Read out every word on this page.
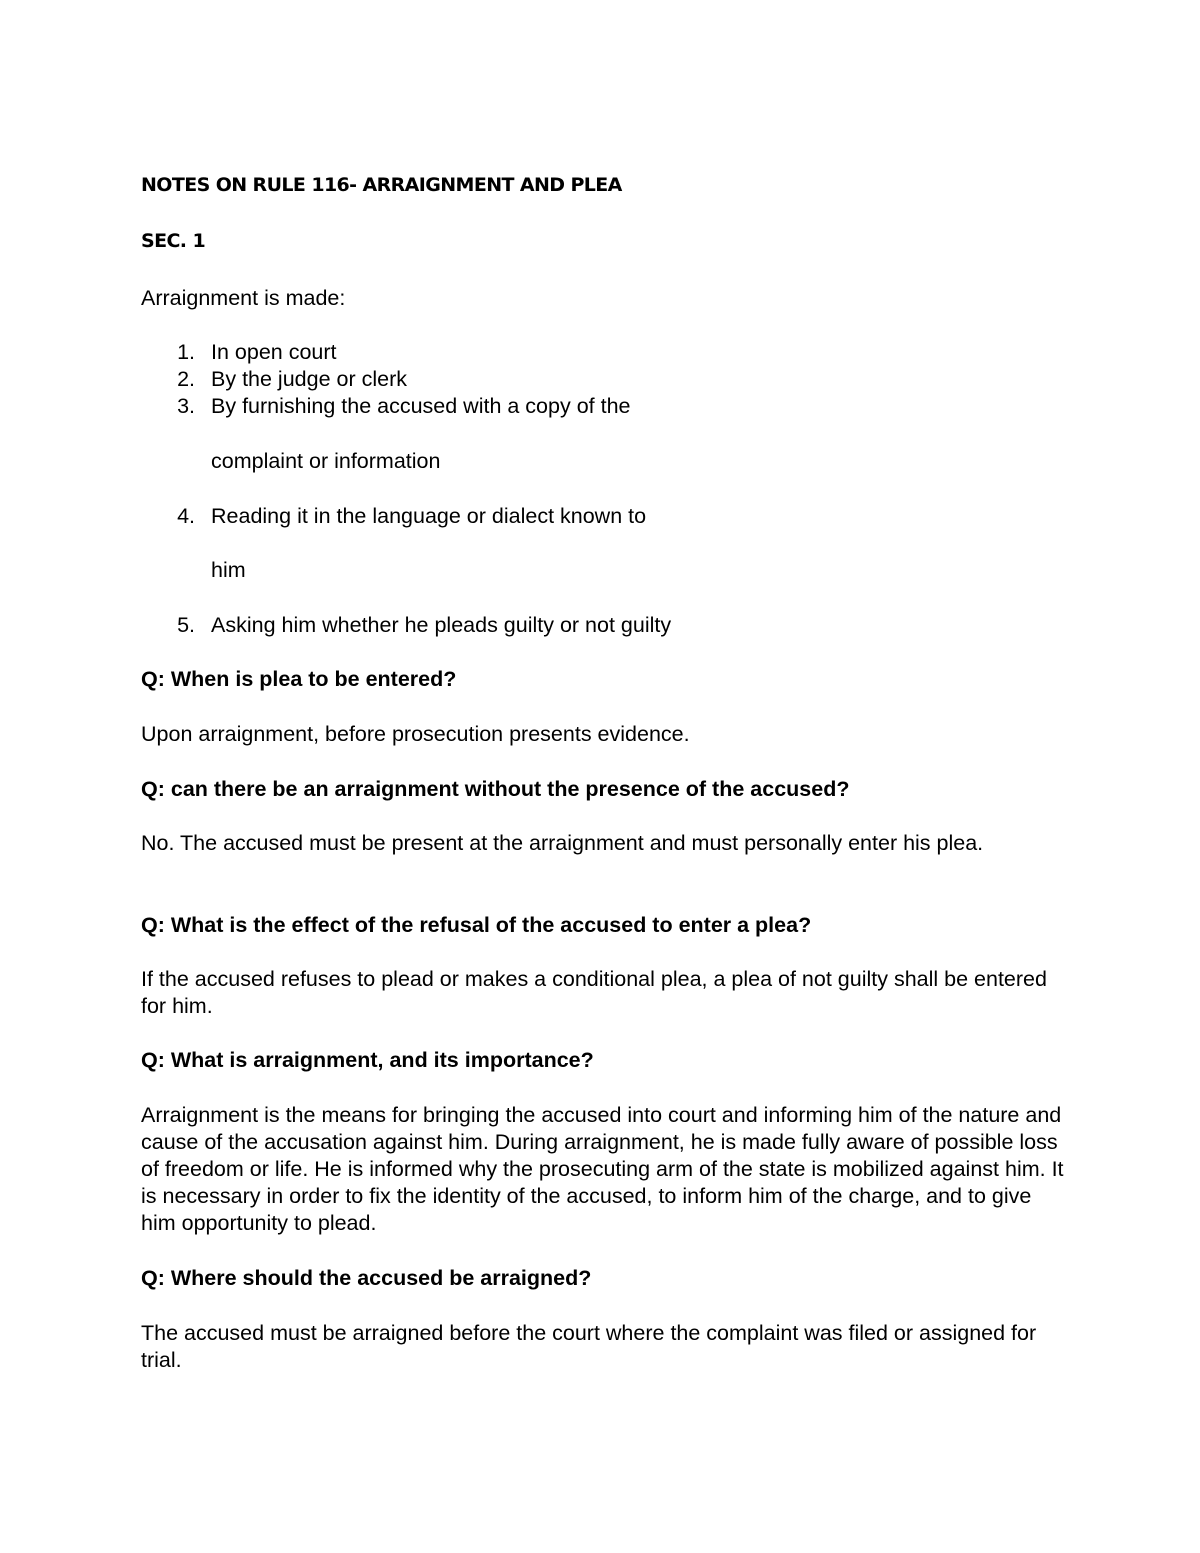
NOTES ON RULE 116- ARRAIGNMENT AND PLEA
SEC. 1
Arraignment is made:
1. In open court
2. By the judge or clerk
3. By furnishing the accused with a copy of the
complaint or information
4. Reading it in the language or dialect known to
him
5. Asking him whether he pleads guilty or not guilty
Q: When is plea to be entered?
Upon arraignment, before prosecution presents evidence.
Q: can there be an arraignment without the presence of the accused?
No. The accused must be present at the arraignment and must personally enter his plea.
Q: What is the effect of the refusal of the accused to enter a plea?
If the accused refuses to plead or makes a conditional plea, a plea of not guilty shall be entered for him.
Q: What is arraignment, and its importance?
Arraignment is the means for bringing the accused into court and informing him of the nature and cause of the accusation against him. During arraignment, he is made fully aware of possible loss of freedom or life. He is informed why the prosecuting arm of the state is mobilized against him. It is necessary in order to fix the identity of the accused, to inform him of the charge, and to give him opportunity to plead.
Q: Where should the accused be arraigned?
The accused must be arraigned before the court where the complaint was filed or assigned for trial.
